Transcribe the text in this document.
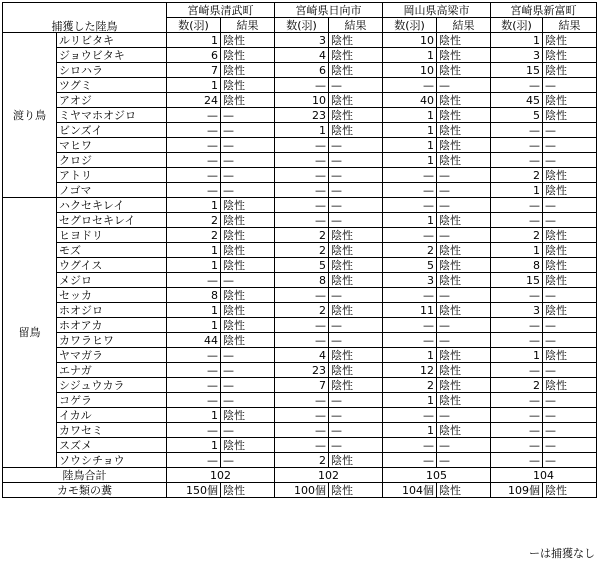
捕獲した陸鳥		宮崎県清武町		宮崎県日向市		岡山県高梁市		宮崎県新富町	
		数(羽)	結果	数(羽)	結果	数(羽)	結果	数(羽)	結果
渡り鳥	ルリビタキ	1	陰性	3	陰性	10	陰性	1	陰性
	ジョウビタキ	6	陰性	4	陰性	1	陰性	3	陰性
	シロハラ	7	陰性	6	陰性	10	陰性	15	陰性
	ツグミ	1	陰性	—	—	—	—	—	—
	アオジ	24	陰性	10	陰性	40	陰性	45	陰性
	ミヤマホオジロ	—	—	23	陰性	1	陰性	5	陰性
	ビンズイ	—	—	1	陰性	1	陰性	—	—
	マヒワ	—	—	—	—	1	陰性	—	—
	クロジ	—	—	—	—	1	陰性	—	—
	アトリ	—	—	—	—	—	—	2	陰性
	ノゴマ	—	—	—	—	—	—	1	陰性
留鳥	ハクセキレイ	1	陰性	—	—	—	—	—	—
	セグロセキレイ	2	陰性	—	—	1	陰性	—	—
	ヒヨドリ	2	陰性	2	陰性	—	—	2	陰性
	モズ	1	陰性	2	陰性	2	陰性	1	陰性
	ウグイス	1	陰性	5	陰性	5	陰性	8	陰性
	メジロ	—	—	8	陰性	3	陰性	15	陰性
	セッカ	8	陰性	—	—	—	—	—	—
	ホオジロ	1	陰性	2	陰性	11	陰性	3	陰性
	ホオアカ	1	陰性	—	—	—	—	—	—
	カワラヒワ	44	陰性	—	—	—	—	—	—
	ヤマガラ	—	—	4	陰性	1	陰性	1	陰性
	エナガ	—	—	23	陰性	12	陰性	—	—
	シジュウカラ	—	—	7	陰性	2	陰性	2	陰性
	コゲラ	—	—	—	—	1	陰性	—	—
	イカル	1	陰性	—	—	—	—	—	—
	カワセミ	—	—	—	—	1	陰性	—	—
	スズメ	1	陰性	—	—	—	—	—	—
	ソウシチョウ	—	—	2	陰性	—	—	—	—
陸鳥合計		102		102		105		104	
カモ類の糞		150個	陰性	100個	陰性	104個	陰性	109個	陰性
ーは捕獲なし
